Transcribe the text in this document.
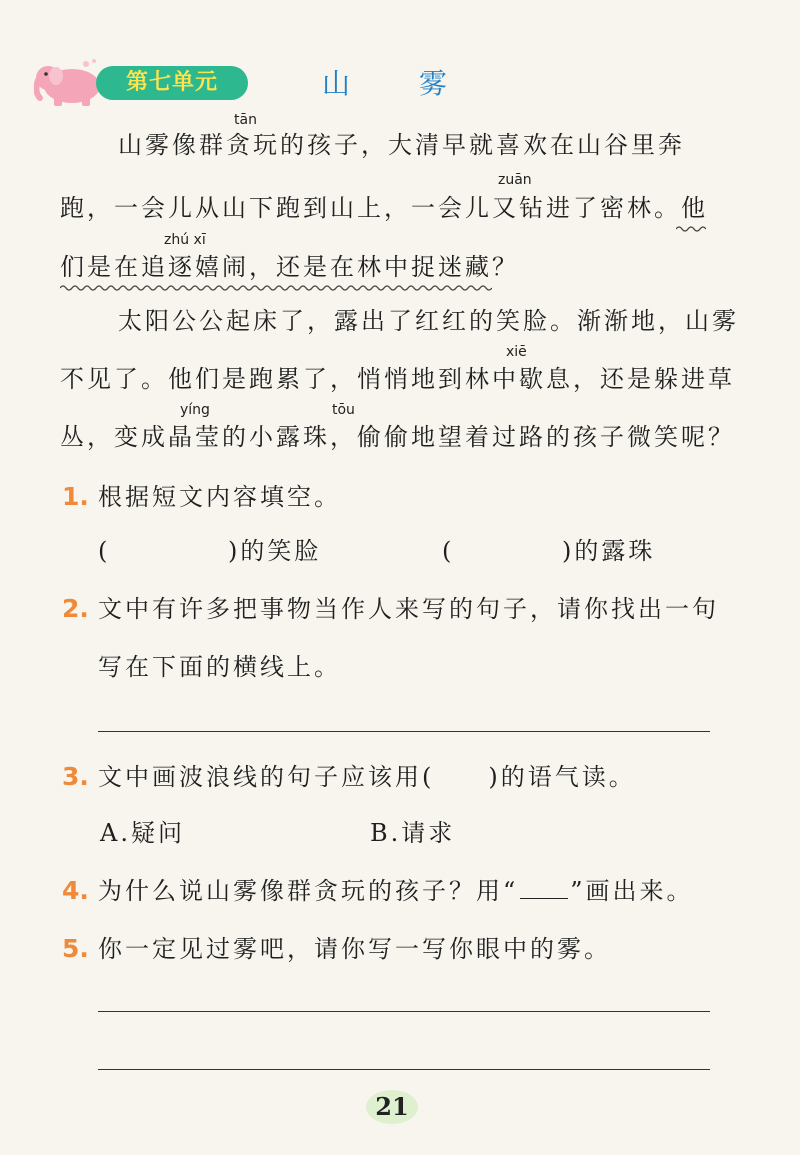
第七单元	山 雾
tān
山雾像群贪玩的孩子，大清早就喜欢在山谷里奔
zuān
跑，一会儿从山下跑到山上，一会儿又钻进了密林。他
zhú xī
们是在追逐嬉闹，还是在林中捉迷藏？
太阳公公起床了，露出了红红的笑脸。渐渐地，山雾
xiē
不见了。他们是跑累了，悄悄地到林中歇息，还是躲进草
yíng	tōu
丛，变成晶莹的小露珠，偷偷地望着过路的孩子微笑呢？
1. 根据短文内容填空。
(	)的笑脸	(	)的露珠
2. 文中有许多把事物当作人来写的句子，请你找出一句
写在下面的横线上。
3. 文中画波浪线的句子应该用(　　)的语气读。
A.疑问	B.请求
4. 为什么说山雾像群贪玩的孩子？用“ ”画出来。
5. 你一定见过雾吧，请你写一写你眼中的雾。
21
